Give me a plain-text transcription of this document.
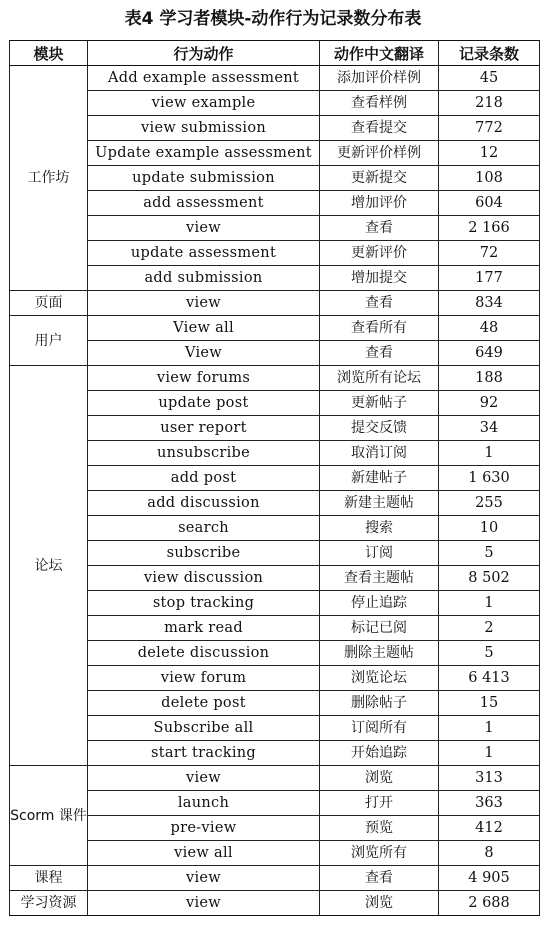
表4 学习者模块-动作行为记录数分布表
模块	行为动作	动作中文翻译	记录条数
工作坊	Add example assessment	添加评价样例	45
	view example	查看样例	218
	view submission	查看提交	772
	Update example assessment	更新评价样例	12
	update submission	更新提交	108
	add assessment	增加评价	604
	view	查看	2 166
	update assessment	更新评价	72
	add submission	增加提交	177
页面	view	查看	834
用户	View all	查看所有	48
	View	查看	649
论坛	view forums	浏览所有论坛	188
	update post	更新帖子	92
	user report	提交反馈	34
	unsubscribe	取消订阅	1
	add post	新建帖子	1 630
	add discussion	新建主题帖	255
	search	搜索	10
	subscribe	订阅	5
	view discussion	查看主题帖	8 502
	stop tracking	停止追踪	1
	mark read	标记已阅	2
	delete discussion	删除主题帖	5
	view forum	浏览论坛	6 413
	delete post	删除帖子	15
	Subscribe all	订阅所有	1
	start tracking	开始追踪	1
Scorm 课件	view	浏览	313
	launch	打开	363
	pre-view	预览	412
	view all	浏览所有	8
课程	view	查看	4 905
学习资源	view	浏览	2 688
